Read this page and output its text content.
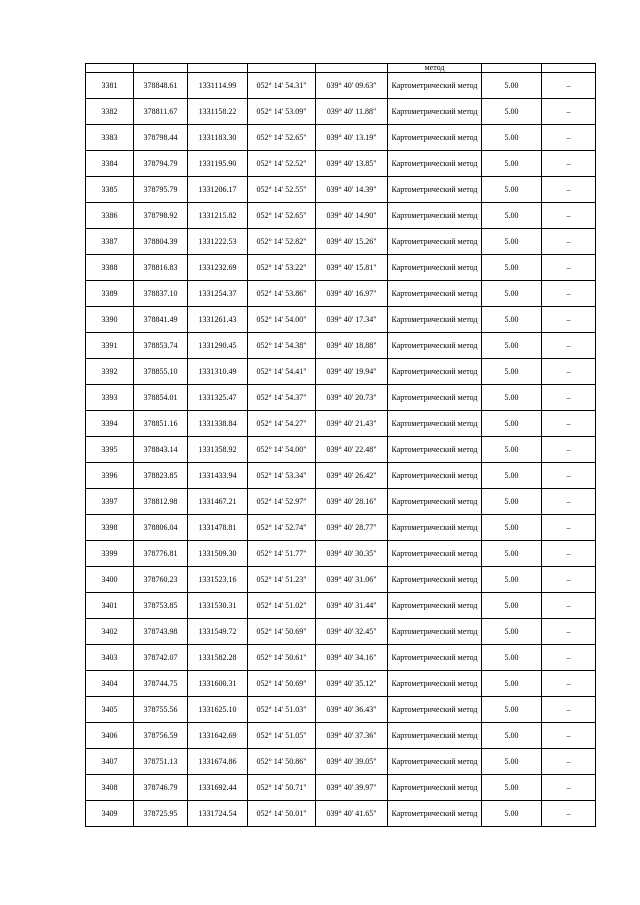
					метод		
3381	378848.61	1331114.99	052° 14' 54.31"	039° 40' 09.63"	Картометрический метод	5.00	–
3382	378811.67	1331158.22	052° 14' 53.09"	039° 40' 11.88"	Картометрический метод	5.00	–
3383	378798.44	1331183.30	052° 14' 52.65"	039° 40' 13.19"	Картометрический метод	5.00	–
3384	378794.79	1331195.90	052° 14' 52.52"	039° 40' 13.85"	Картометрический метод	5.00	–
3385	378795.79	1331206.17	052° 14' 52.55"	039° 40' 14.39"	Картометрический метод	5.00	–
3386	378798.92	1331215.82	052° 14' 52.65"	039° 40' 14.90"	Картометрический метод	5.00	–
3387	378804.39	1331222.53	052° 14' 52.82"	039° 40' 15.26"	Картометрический метод	5.00	–
3388	378816.83	1331232.69	052° 14' 53.22"	039° 40' 15.81"	Картометрический метод	5.00	–
3389	378837.10	1331254.37	052° 14' 53.86"	039° 40' 16.97"	Картометрический метод	5.00	–
3390	378841.49	1331261.43	052° 14' 54.00"	039° 40' 17.34"	Картометрический метод	5.00	–
3391	378853.74	1331290.45	052° 14' 54.38"	039° 40' 18.88"	Картометрический метод	5.00	–
3392	378855.10	1331310.49	052° 14' 54.41"	039° 40' 19.94"	Картометрический метод	5.00	–
3393	378854.01	1331325.47	052° 14' 54.37"	039° 40' 20.73"	Картометрический метод	5.00	–
3394	378851.16	1331338.84	052° 14' 54.27"	039° 40' 21.43"	Картометрический метод	5.00	–
3395	378843.14	1331358.92	052° 14' 54.00"	039° 40' 22.48"	Картометрический метод	5.00	–
3396	378823.85	1331433.94	052° 14' 53.34"	039° 40' 26.42"	Картометрический метод	5.00	–
3397	378812.98	1331467.21	052° 14' 52.97"	039° 40' 28.16"	Картометрический метод	5.00	–
3398	378806.04	1331478.81	052° 14' 52.74"	039° 40' 28.77"	Картометрический метод	5.00	–
3399	378776.81	1331509.30	052° 14' 51.77"	039° 40' 30.35"	Картометрический метод	5.00	–
3400	378760.23	1331523.16	052° 14' 51.23"	039° 40' 31.06"	Картометрический метод	5.00	–
3401	378753.85	1331530.31	052° 14' 51.02"	039° 40' 31.44"	Картометрический метод	5.00	–
3402	378743.98	1331549.72	052° 14' 50.69"	039° 40' 32.45"	Картометрический метод	5.00	–
3403	378742.07	1331582.28	052° 14' 50.61"	039° 40' 34.16"	Картометрический метод	5.00	–
3404	378744.75	1331600.31	052° 14' 50.69"	039° 40' 35.12"	Картометрический метод	5.00	–
3405	378755.56	1331625.10	052° 14' 51.03"	039° 40' 36.43"	Картометрический метод	5.00	–
3406	378756.59	1331642.69	052° 14' 51.05"	039° 40' 37.36"	Картометрический метод	5.00	–
3407	378751.13	1331674.86	052° 14' 50.86"	039° 40' 39.05"	Картометрический метод	5.00	–
3408	378746.79	1331692.44	052° 14' 50.71"	039° 40' 39.97"	Картометрический метод	5.00	–
3409	378725.95	1331724.54	052° 14' 50.01"	039° 40' 41.65"	Картометрический метод	5.00	–
